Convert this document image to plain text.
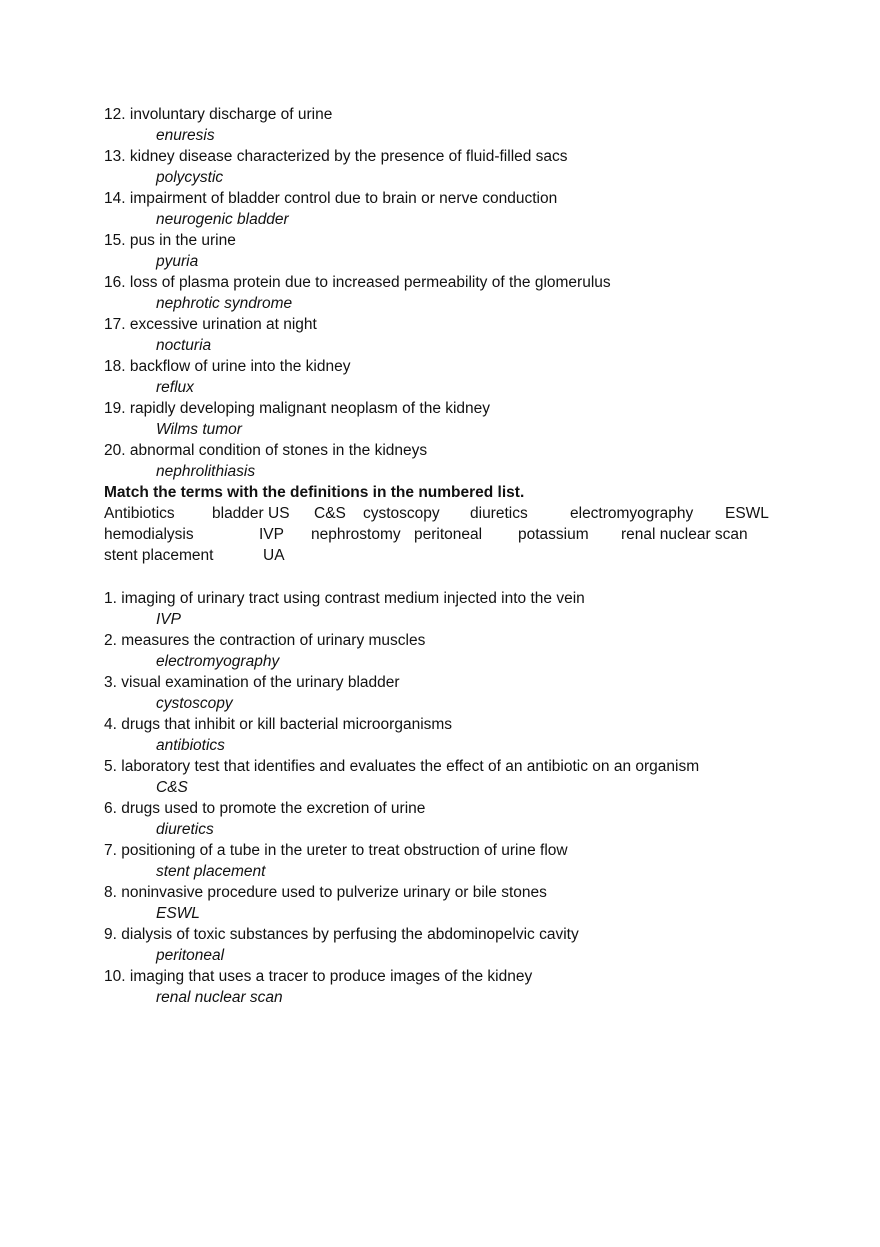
12. involuntary discharge of urine
enuresis
13. kidney disease characterized by the presence of fluid-filled sacs
polycystic
14. impairment of bladder control due to brain or nerve conduction
neurogenic bladder
15. pus in the urine
pyuria
16. loss of plasma protein due to increased permeability of the glomerulus
nephrotic syndrome
17. excessive urination at night
nocturia
18. backflow of urine into the kidney
reflux
19. rapidly developing malignant neoplasm of the kidney
Wilms tumor
20. abnormal condition of stones in the kidneys
nephrolithiasis
Match the terms with the definitions in the numbered list.
Antibiotics bladder US C&S cystoscopy diuretics	electromyography ESWL
hemodialysis	IVP nephrostomy peritoneal potassium renal nuclear scan
stent placement	UA
1. imaging of urinary tract using contrast medium injected into the vein
IVP
2. measures the contraction of urinary muscles
electromyography
3. visual examination of the urinary bladder
cystoscopy
4. drugs that inhibit or kill bacterial microorganisms
antibiotics
5. laboratory test that identifies and evaluates the effect of an antibiotic on an organism
C&S
6. drugs used to promote the excretion of urine
diuretics
7. positioning of a tube in the ureter to treat obstruction of urine flow
stent placement
8. noninvasive procedure used to pulverize urinary or bile stones
ESWL
9. dialysis of toxic substances by perfusing the abdominopelvic cavity
peritoneal
10. imaging that uses a tracer to produce images of the kidney
renal nuclear scan
